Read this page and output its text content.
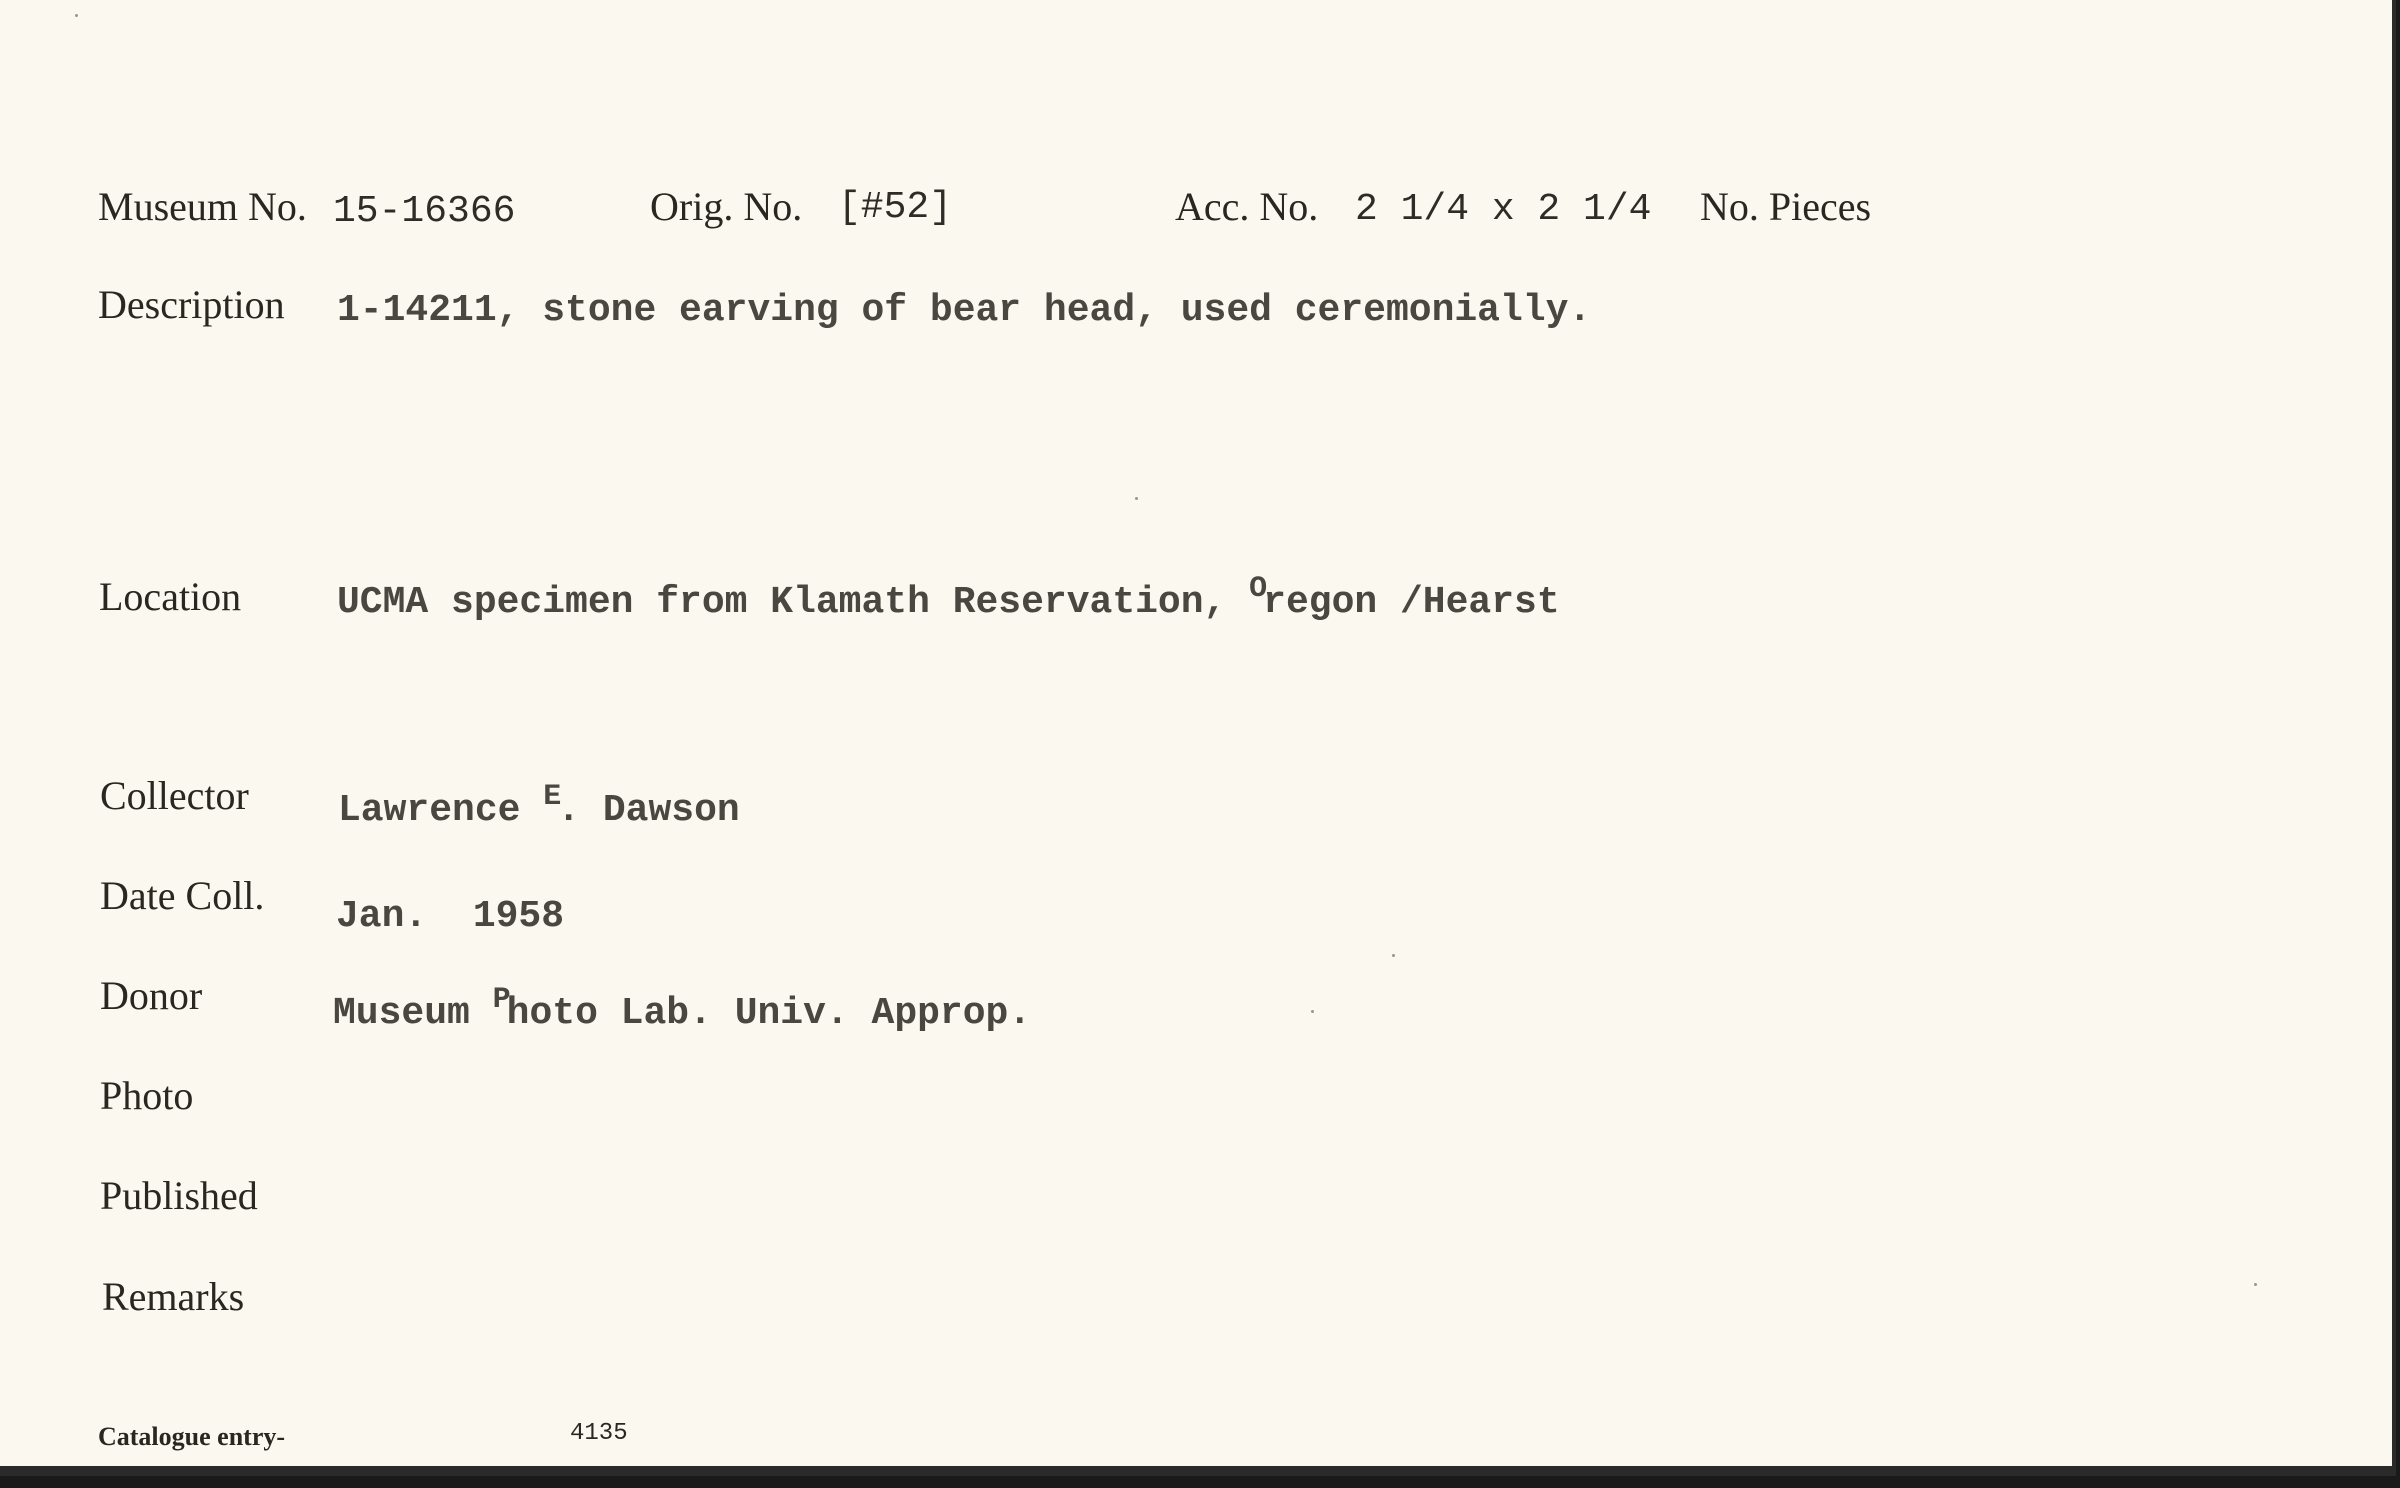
Museum No. 15-16366	Orig. No. [#52]	Acc. No. 2 1/4 x 2 1/4 No. Pieces
Description 1-14211, stone earving of bear head, used ceremonially.
Location	UCMA specimen from Klamath Reservation, $^O$regon /Hearst
Collector Lawrence $^E$. Dawson
Date Coll. Jan.  1958
Donor	Museum $^P$hoto Lab. Univ. Approp.
Photo
Published
Remarks
Catalogue entry-	4135
